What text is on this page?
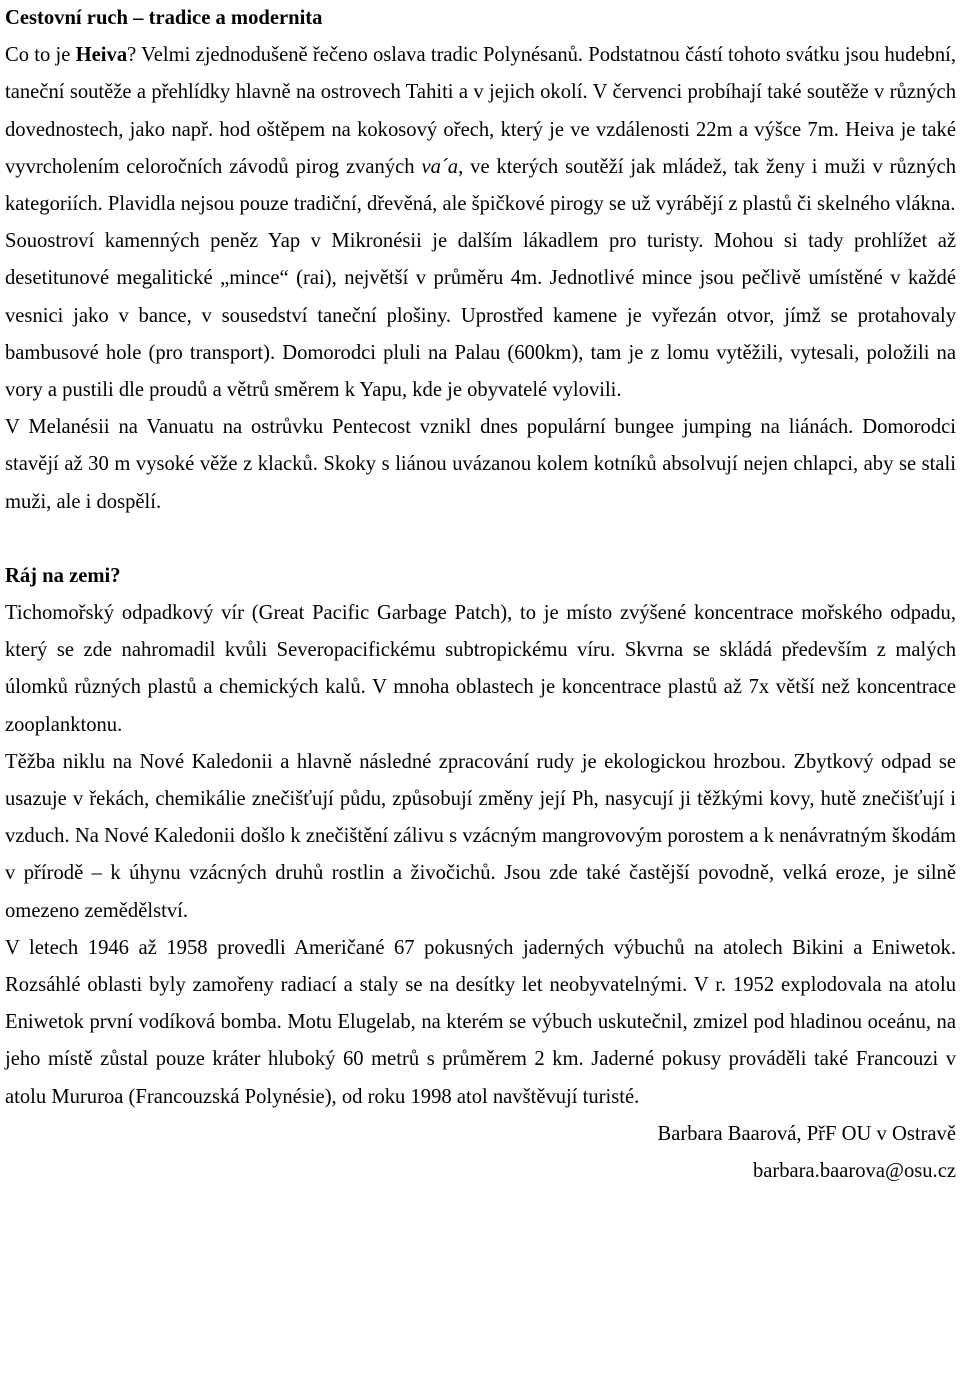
Cestovní ruch – tradice a modernita

Co to je Heiva? Velmi zjednodušeně řečeno oslava tradic Polynésanů. Podstatnou částí tohoto svátku jsou hudební, taneční soutěže a přehlídky hlavně na ostrovech Tahiti a v jejich okolí. V červenci probíhají také soutěže v různých dovednostech, jako např. hod oštěpem na kokosový ořech, který je ve vzdálenosti 22m a výšce 7m. Heiva je také vyvrcholením celoročních závodů pirog zvaných va´a, ve kterých soutěží jak mládež, tak ženy i muži v různých kategoriích. Plavidla nejsou pouze tradiční, dřevěná, ale špičkové pirogy se už vyrábějí z plastů či skelného vlákna.

Souostroví kamenných peněz Yap v Mikronésii je dalším lákadlem pro turisty. Mohou si tady prohlížet až desetitunové megalitické „mince“ (rai), největší v průměru 4m. Jednotlivé mince jsou pečlivě umístěné v každé vesnici jako v bance, v sousedství taneční plošiny. Uprostřed kamene je vyřezán otvor, jímž se protahovaly bambusové hole (pro transport). Domorodci pluli na Palau (600km), tam je z lomu vytěžili, vytesali, položili na vory a pustili dle proudů a větrů směrem k Yapu, kde je obyvatelé vylovili.

V Melanésii na Vanuatu na ostrůvku Pentecost vznikl dnes populární bungee jumping na liánách. Domorodci stavějí až 30 m vysoké věže z klacků. Skoky s liánou uvázanou kolem kotníků absolvují nejen chlapci, aby se stali muži, ale i dospělí.

Ráj na zemi?

Tichomořský odpadkový vír (Great Pacific Garbage Patch), to je místo zvýšené koncentrace mořského odpadu, který se zde nahromadil kvůli Severopacifickému subtropickému víru. Skvrna se skládá především z malých úlomků různých plastů a chemických kalů. V mnoha oblastech je koncentrace plastů až 7x větší než koncentrace zooplanktonu.

Těžba niklu na Nové Kaledonii a hlavně následné zpracování rudy je ekologickou hrozbou. Zbytkový odpad se usazuje v řekách, chemikálie znečišťují půdu, způsobují změny její Ph, nasycují ji těžkými kovy, hutě znečišťují i vzduch. Na Nové Kaledonii došlo k znečištění zálivu s vzácným mangrovovým porostem a k nenávratným škodám v přírodě – k úhynu vzácných druhů rostlin a živočichů. Jsou zde také častější povodně, velká eroze, je silně omezeno zemědělství.

V letech 1946 až 1958 provedli Američané 67 pokusných jaderných výbuchů na atolech Bikini a Eniwetok. Rozsáhlé oblasti byly zamořeny radiací a staly se na desítky let neobyvatelnými. V r. 1952 explodovala na atolu Eniwetok první vodíková bomba. Motu Elugelab, na kterém se výbuch uskutečnil, zmizel pod hladinou oceánu, na jeho místě zůstal pouze kráter hluboký 60 metrů s průměrem 2 km. Jaderné pokusy prováděli také Francouzi v atolu Mururoa (Francouzská Polynésie), od roku 1998 atol navštěvují turisté.

Barbara Baarová, PřF OU v Ostravě

barbara.baarova@osu.cz
